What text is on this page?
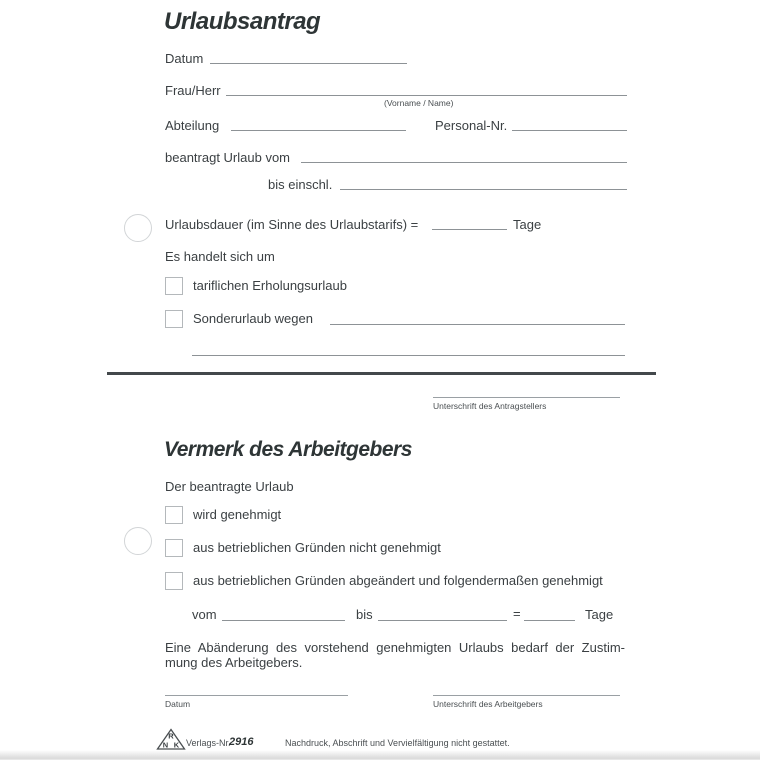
Urlaubsantrag
Datum
Frau/Herr
(Vorname / Name)
Abteilung	Personal-Nr.
beantragt Urlaub vom
bis einschl.
Urlaubsdauer (im Sinne des Urlaubstarifs) =	Tage
Es handelt sich um
tariflichen Erholungsurlaub
Sonderurlaub wegen
Unterschrift des Antragstellers
Vermerk des Arbeitgebers
Der beantragte Urlaub
wird genehmigt
aus betrieblichen Gründen nicht genehmigt
aus betrieblichen Gründen abgeändert und folgendermaßen genehmigt
vom	bis	=	Tage
Eine Abänderung des vorstehend genehmigten Urlaubs bedarf der Zustim-
mung des Arbeitgebers.
Datum	Unterschrift des Arbeitgebers
R
N K Verlags-Nr.
2916	Nachdruck, Abschrift und Vervielfältigung nicht gestattet.
